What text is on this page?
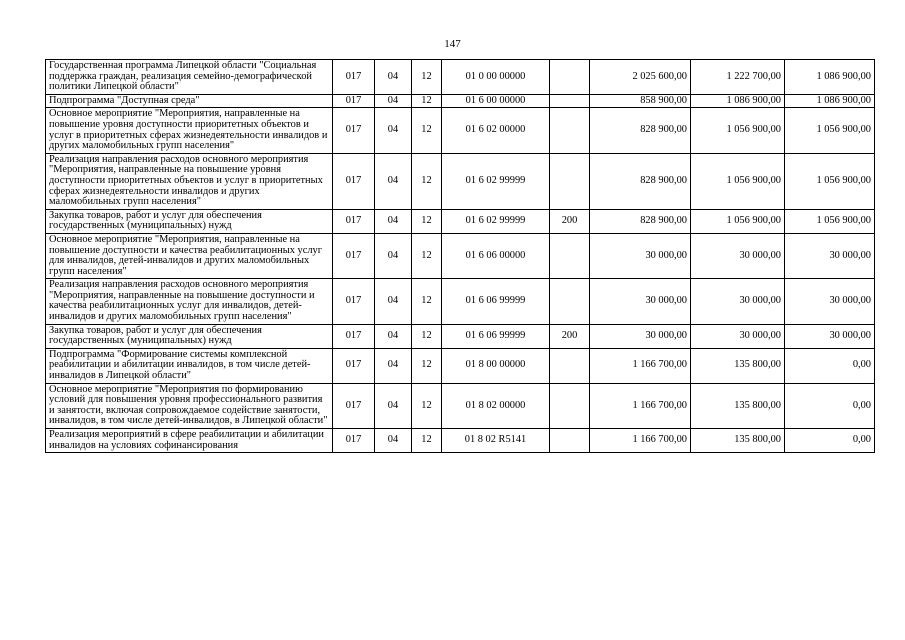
147
Государственная программа Липецкой области "Социальная поддержка граждан, реализация семейно-демографической политики Липецкой области"	017	04	12	01 0 00 00000		2 025 600,00	1 222 700,00	1 086 900,00
Подпрограмма "Доступная среда"	017	04	12	01 6 00 00000		858 900,00	1 086 900,00	1 086 900,00
Основное мероприятие "Мероприятия, направленные на повышение уровня доступности приоритетных объектов и услуг в приоритетных сферах жизнедеятельности инвалидов и других маломобильных групп населения"	017	04	12	01 6 02 00000		828 900,00	1 056 900,00	1 056 900,00
Реализация направления расходов основного мероприятия "Мероприятия, направленные на повышение уровня доступности приоритетных объектов и услуг в приоритетных сферах жизнедеятельности инвалидов и других маломобильных групп населения"	017	04	12	01 6 02 99999		828 900,00	1 056 900,00	1 056 900,00
Закупка товаров, работ и услуг для обеспечения государственных (муниципальных) нужд	017	04	12	01 6 02 99999	200	828 900,00	1 056 900,00	1 056 900,00
Основное мероприятие "Мероприятия, направленные на повышение доступности и качества реабилитационных услуг для инвалидов, детей-инвалидов и других маломобильных групп населения"	017	04	12	01 6 06 00000		30 000,00	30 000,00	30 000,00
Реализация направления расходов основного мероприятия "Мероприятия, направленные на повышение доступности и качества реабилитационных услуг для инвалидов, детей-инвалидов и других маломобильных групп населения"	017	04	12	01 6 06 99999		30 000,00	30 000,00	30 000,00
Закупка товаров, работ и услуг для обеспечения государственных (муниципальных) нужд	017	04	12	01 6 06 99999	200	30 000,00	30 000,00	30 000,00
Подпрограмма "Формирование системы комплексной реабилитации и абилитации инвалидов, в том числе детей-инвалидов в Липецкой области"	017	04	12	01 8 00 00000		1 166 700,00	135 800,00	0,00
Основное мероприятие "Мероприятия по формированию условий для повышения уровня профессионального развития и занятости, включая сопровождаемое содействие занятости, инвалидов, в том числе детей-инвалидов, в Липецкой области"	017	04	12	01 8 02 00000		1 166 700,00	135 800,00	0,00
Реализация мероприятий в сфере реабилитации и абилитации инвалидов на условиях софинансирования	017	04	12	01 8 02 R5141		1 166 700,00	135 800,00	0,00
